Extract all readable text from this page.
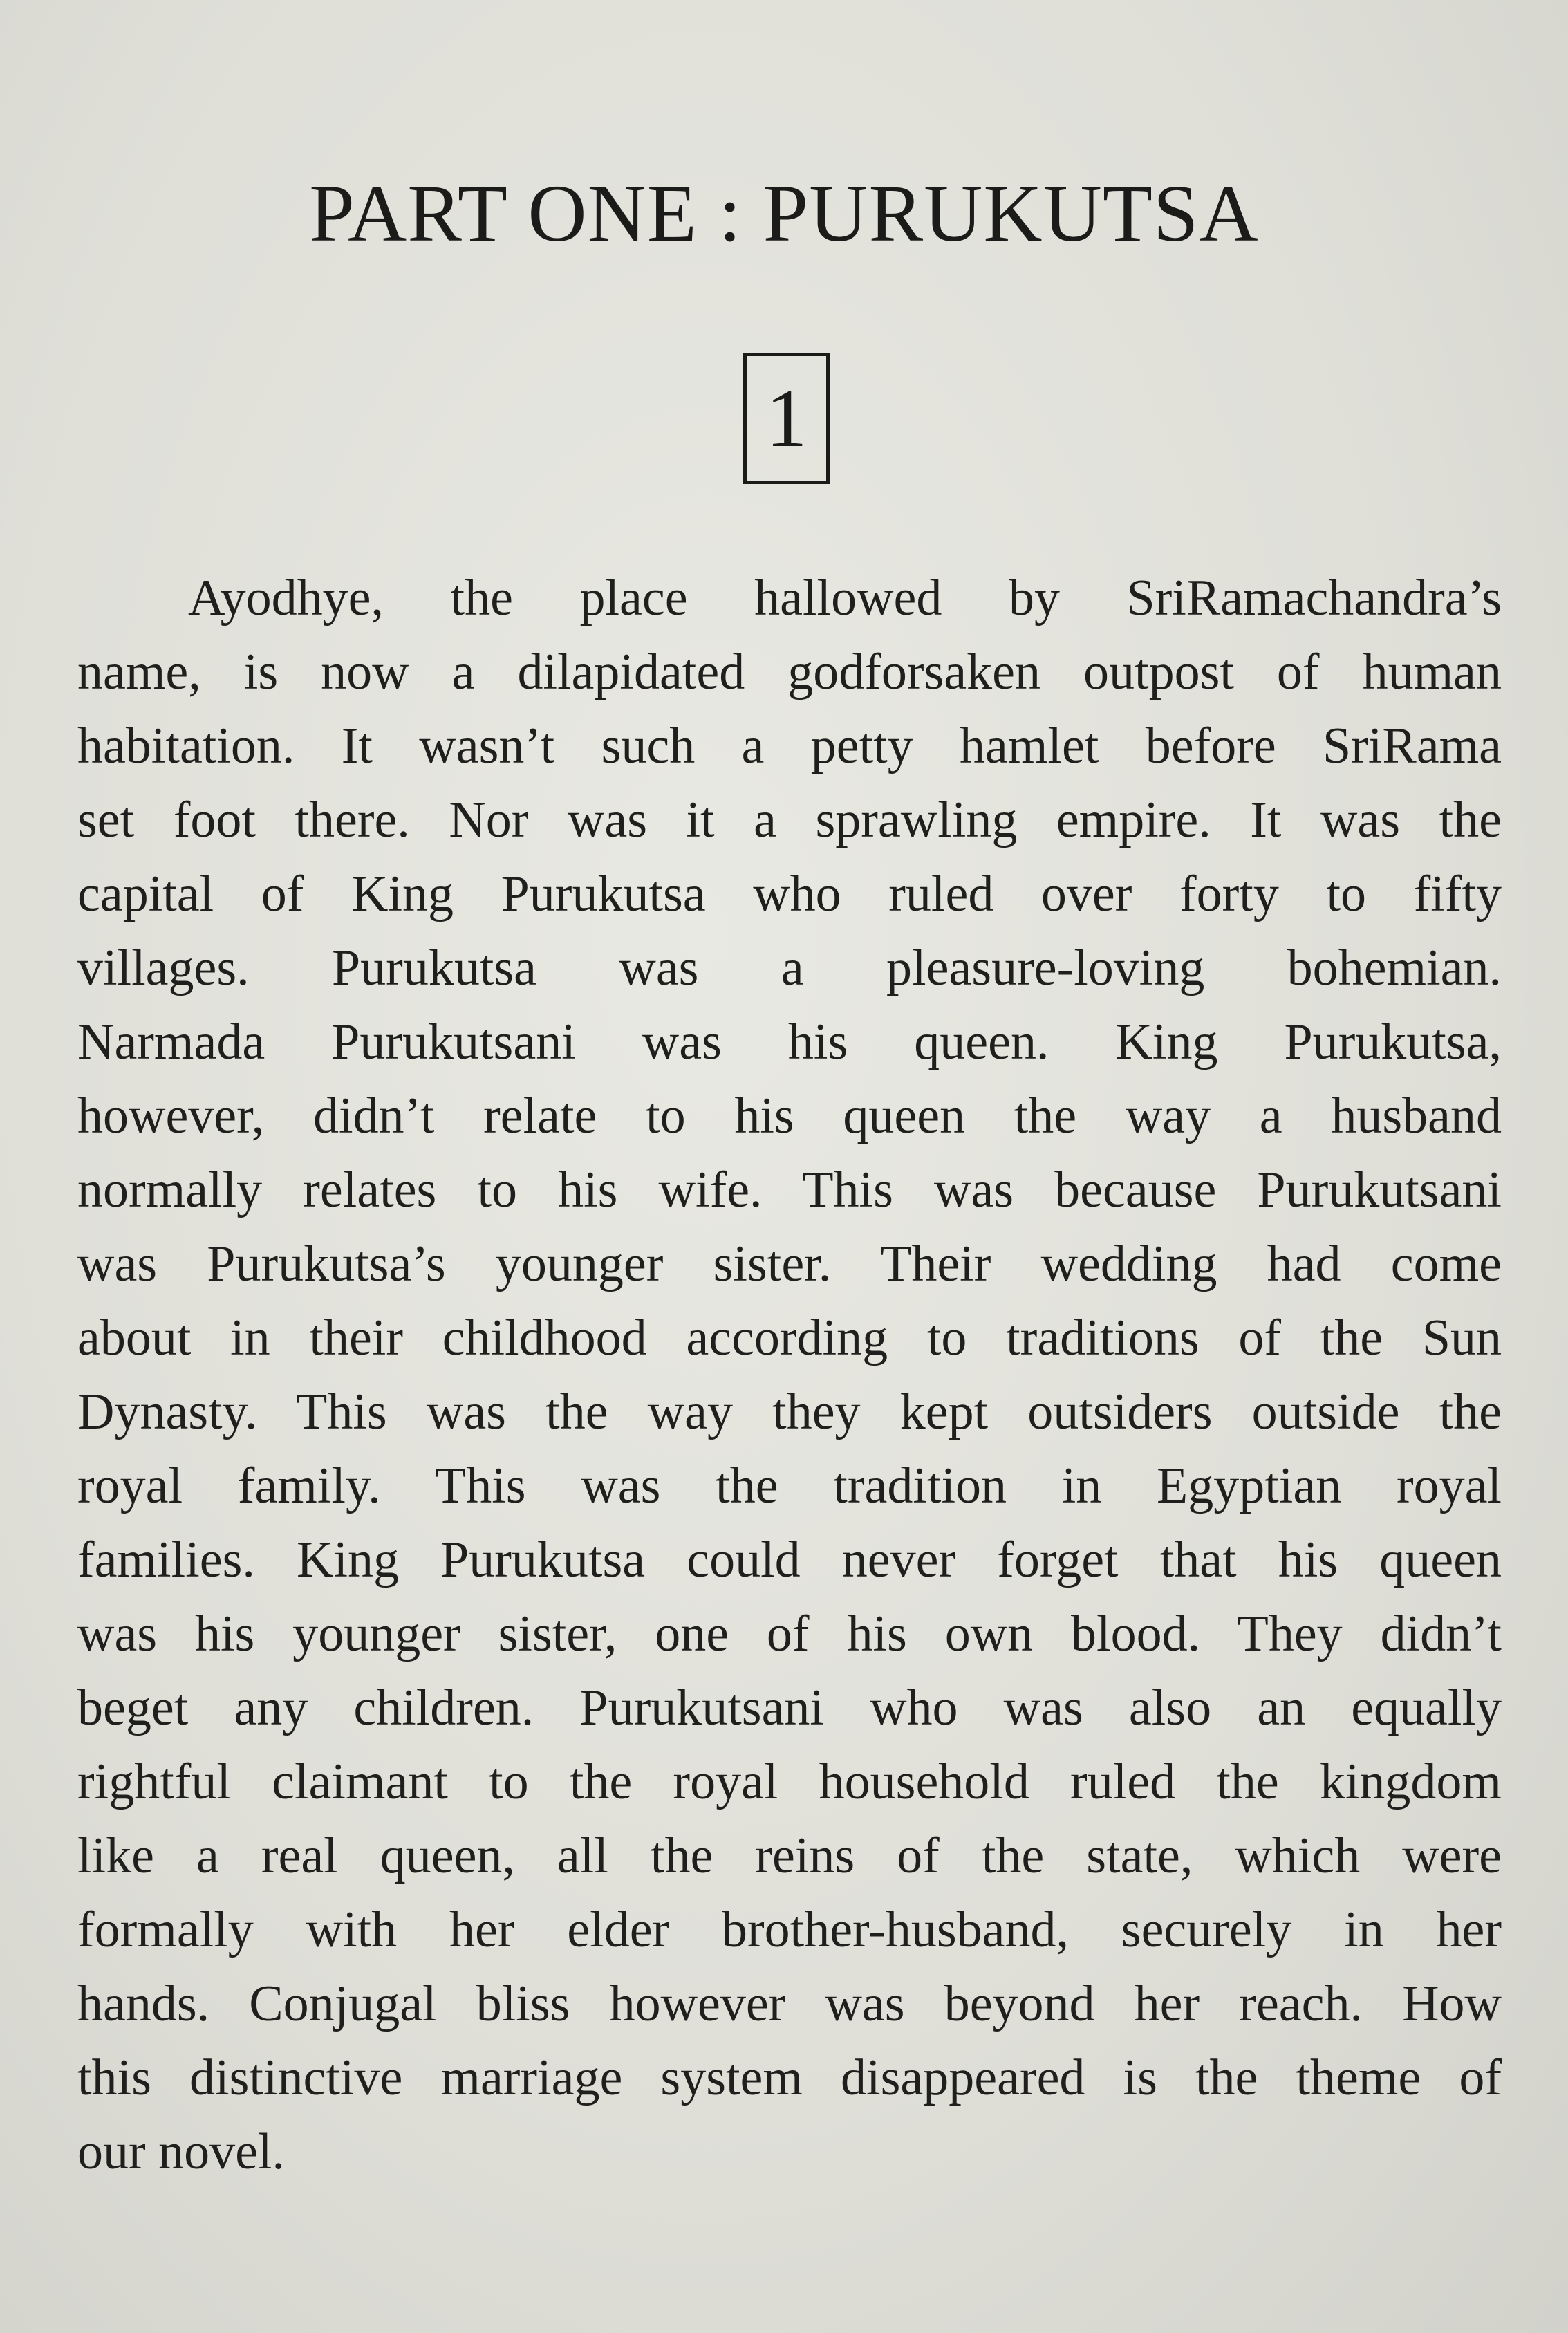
PART ONE : PURUKUTSA
1
Ayodhye, the place hallowed by SriRamachandra’s
name, is now a dilapidated godforsaken outpost of human
habitation. It wasn’t such a petty hamlet before SriRama
set foot there. Nor was it a sprawling empire. It was the
capital of King Purukutsa who ruled over forty to fifty
villages. Purukutsa was a pleasure-loving bohemian.
Narmada Purukutsani was his queen. King Purukutsa,
however, didn’t relate to his queen the way a husband
normally relates to his wife. This was because Purukutsani
was Purukutsa’s younger sister. Their wedding had come
about in their childhood according to traditions of the Sun
Dynasty. This was the way they kept outsiders outside the
royal family. This was the tradition in Egyptian royal
families. King Purukutsa could never forget that his queen
was his younger sister, one of his own blood. They didn’t
beget any children. Purukutsani who was also an equally
rightful claimant to the royal household ruled the kingdom
like a real queen, all the reins of the state, which were
formally with her elder brother-husband, securely in her
hands. Conjugal bliss however was beyond her reach. How
this distinctive marriage system disappeared is the theme of
our novel.
